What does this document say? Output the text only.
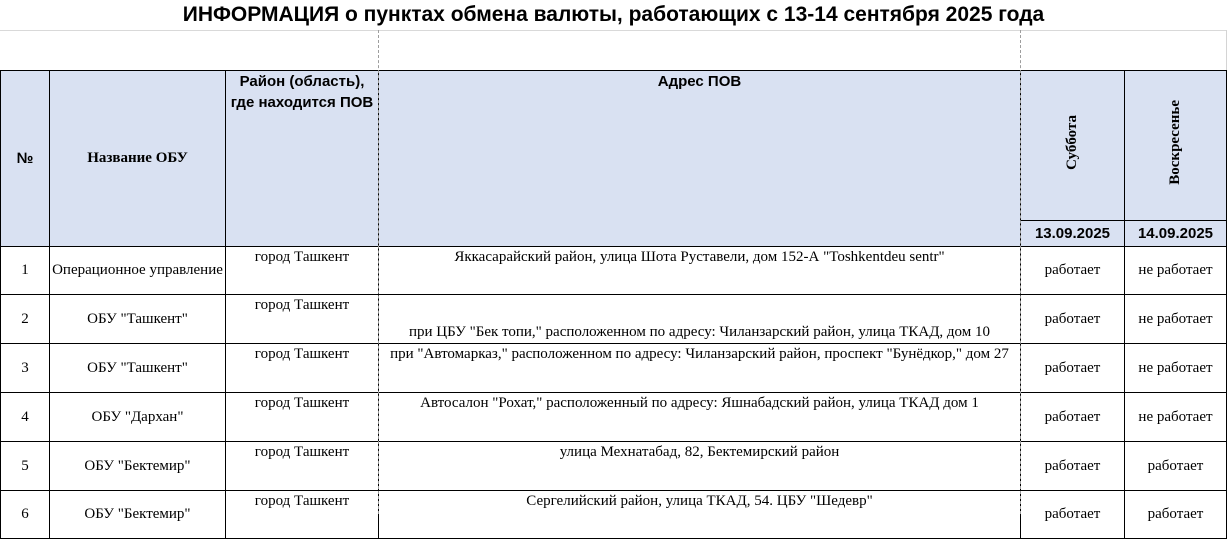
ИНФОРМАЦИЯ о пунктах обмена валюты, работающих с 13-14 сентября 2025 года
№	Название ОБУ	Район (область), где находится ПОВ	Адрес ПОВ	Суббота	Воскресенье
				13.09.2025	14.09.2025
1	Операционное управление	город Ташкент	Яккасарайский район, улица Шота Руставели, дом 152-А "Toshkentdeu sentr"	работает	не работает
2	ОБУ "Ташкент"	город Ташкент	при ЦБУ "Бек топи," расположенном по адресу: Чиланзарский район, улица ТКАД, дом 10	работает	не работает
3	ОБУ "Ташкент"	город Ташкент	при "Автомарказ," расположенном по адресу: Чиланзарский район, проспект "Бунёдкор," дом 27	работает	не работает
4	ОБУ "Дархан"	город Ташкент	Автосалон "Рохат," расположенный по адресу: Яшнабадский район, улица ТКАД дом 1	работает	не работает
5	ОБУ "Бектемир"	город Ташкент	улица Мехнатабад, 82, Бектемирский район	работает	работает
6	ОБУ "Бектемир"	город Ташкент	Сергелийский район, улица ТКАД, 54. ЦБУ "Шедевр"	работает	работает
